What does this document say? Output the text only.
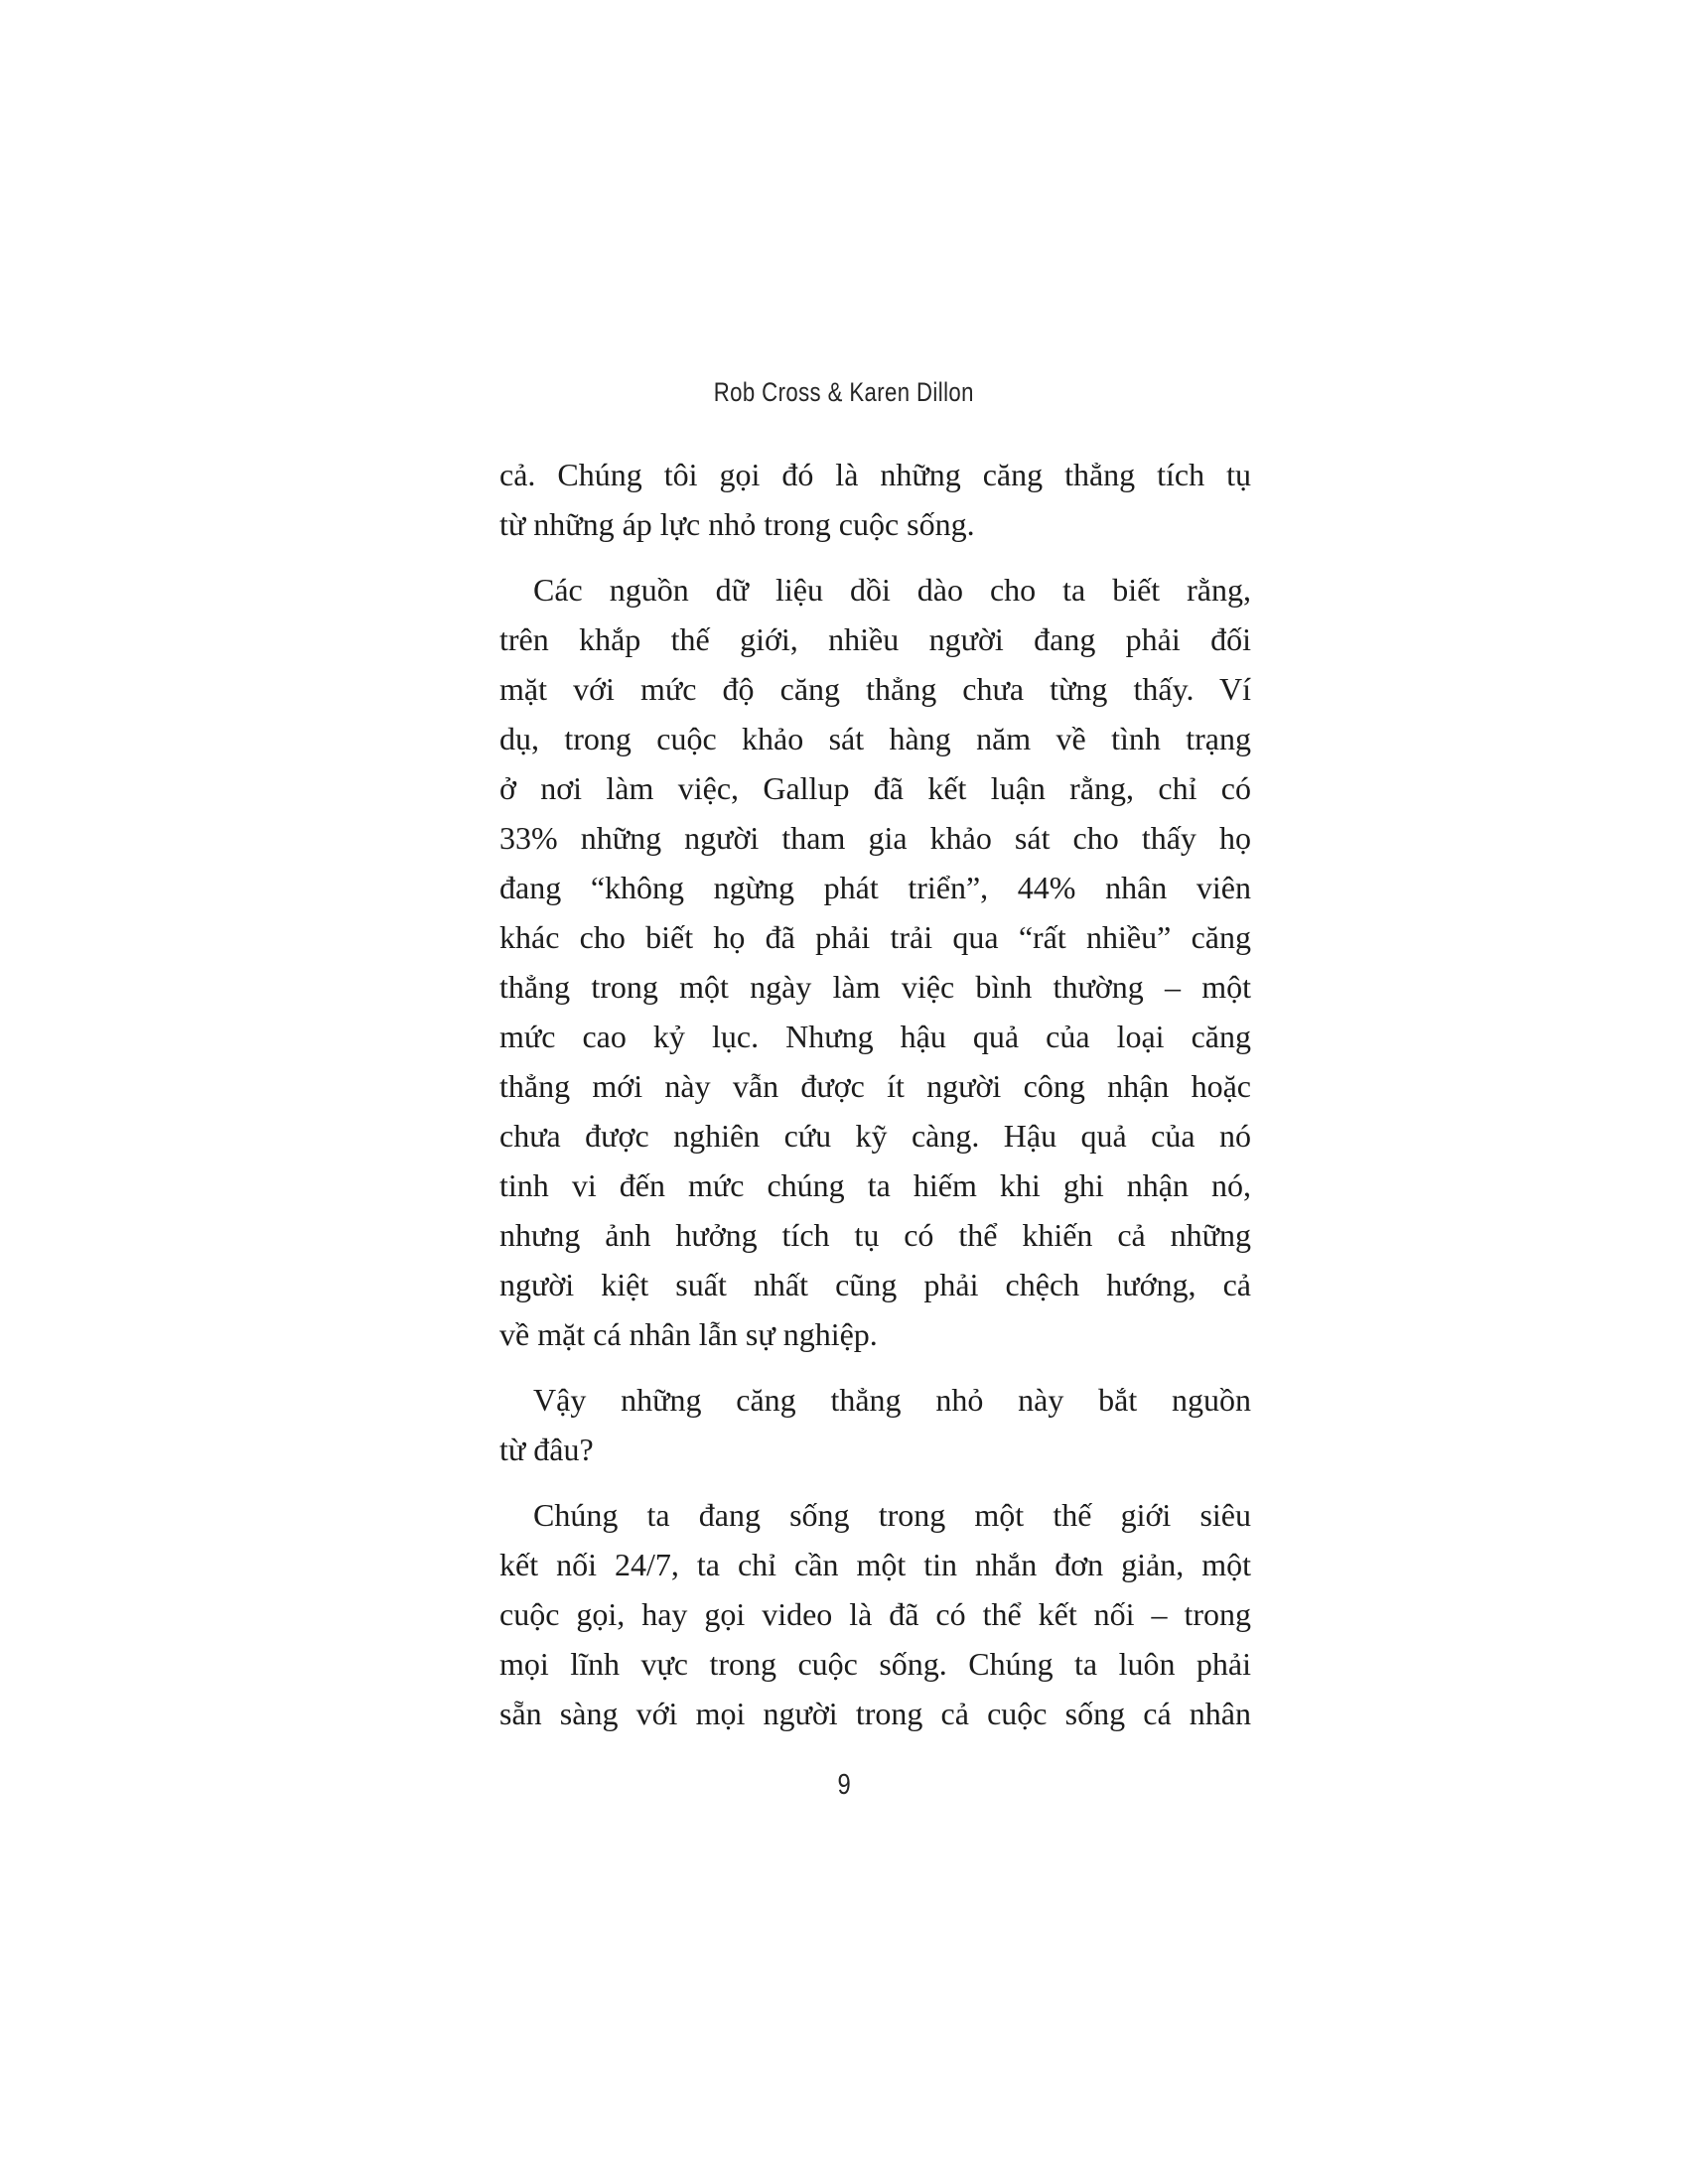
Rob Cross & Karen Dillon

cả. Chúng tôi gọi đó là những căng thẳng tích tụ
từ những áp lực nhỏ trong cuộc sống.

Các nguồn dữ liệu dồi dào cho ta biết rằng,
trên khắp thế giới, nhiều người đang phải đối
mặt với mức độ căng thẳng chưa từng thấy. Ví
dụ, trong cuộc khảo sát hàng năm về tình trạng
ở nơi làm việc, Gallup đã kết luận rằng, chỉ có
33% những người tham gia khảo sát cho thấy họ
đang “không ngừng phát triển”, 44% nhân viên
khác cho biết họ đã phải trải qua “rất nhiều” căng
thẳng trong một ngày làm việc bình thường – một
mức cao kỷ lục. Nhưng hậu quả của loại căng
thẳng mới này vẫn được ít người công nhận hoặc
chưa được nghiên cứu kỹ càng. Hậu quả của nó
tinh vi đến mức chúng ta hiếm khi ghi nhận nó,
nhưng ảnh hưởng tích tụ có thể khiến cả những
người kiệt suất nhất cũng phải chệch hướng, cả
về mặt cá nhân lẫn sự nghiệp.

Vậy những căng thẳng nhỏ này bắt nguồn
từ đâu?

Chúng ta đang sống trong một thế giới siêu
kết nối 24/7, ta chỉ cần một tin nhắn đơn giản, một
cuộc gọi, hay gọi video là đã có thể kết nối – trong
mọi lĩnh vực trong cuộc sống. Chúng ta luôn phải
sẵn sàng với mọi người trong cả cuộc sống cá nhân

9
